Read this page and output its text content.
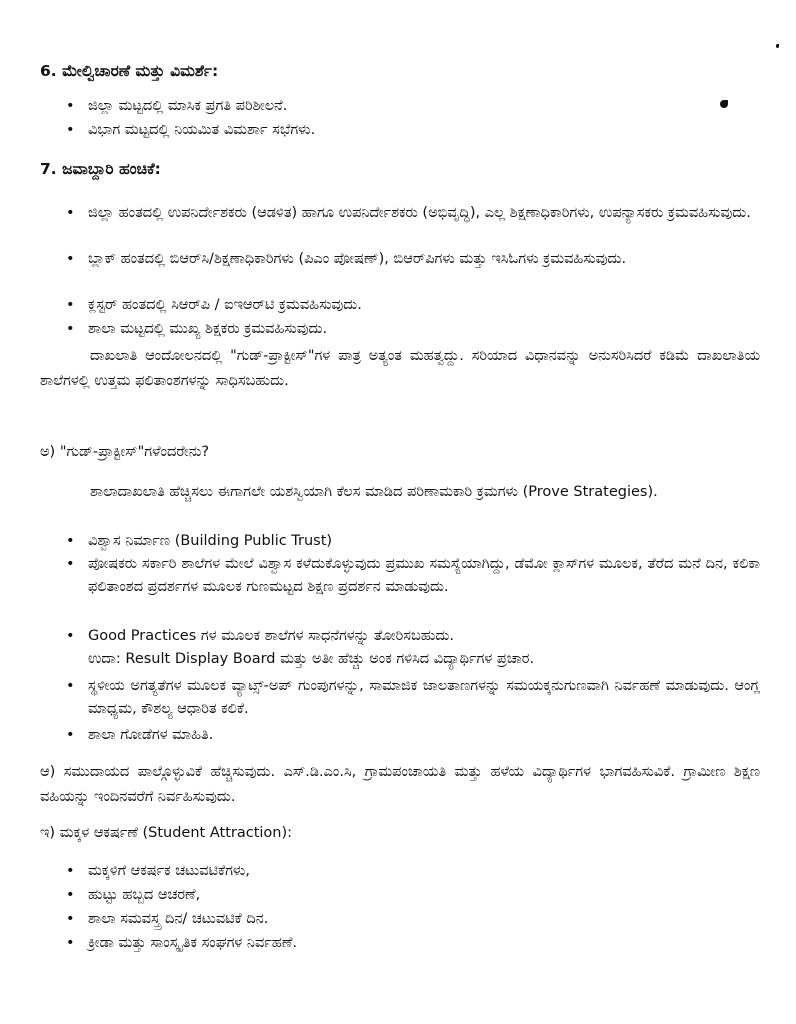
6. ಮೇಲ್ವಿಚಾರಣೆ ಮತ್ತು ವಿಮರ್ಶೆ:
• ಜಿಲ್ಲಾ ಮಟ್ಟದಲ್ಲಿ ಮಾಸಿಕ ಪ್ರಗತಿ ಪರಿಶೀಲನೆ.
• ವಿಭಾಗ ಮಟ್ಟದಲ್ಲಿ ನಿಯಮಿತ ವಿಮರ್ಶಾ ಸಭೆಗಳು.
7. ಜವಾಬ್ದಾರಿ ಹಂಚಿಕೆ:
• ಜಿಲ್ಲಾ ಹಂತದಲ್ಲಿ ಉಪನಿರ್ದೇಶಕರು (ಆಡಳಿತ) ಹಾಗೂ ಉಪನಿರ್ದೇಶಕರು (ಅಭಿವೃದ್ಧಿ), ಎಲ್ಲ ಶಿಕ್ಷಣಾಧಿಕಾರಿಗಳು, ಉಪನ್ಯಾಸಕರು ಕ್ರಮವಹಿಸುವುದು.
• ಬ್ಲಾಕ್ ಹಂತದಲ್ಲಿ ಬಿಆರ್‌ಸಿ/ಶಿಕ್ಷಣಾಧಿಕಾರಿಗಳು (ಪಿಎಂ ಪೋಷಣ್), ಬಿಆರ್‌ಪಿಗಳು ಮತ್ತು ಇಸಿಓಗಳು ಕ್ರಮವಹಿಸುವುದು.
• ಕ್ಲಸ್ಟರ್ ಹಂತದಲ್ಲಿ ಸಿಆರ್‌ಪಿ / ಐಇಆರ್‌ಟಿ ಕ್ರಮವಹಿಸುವುದು.
• ಶಾಲಾ ಮಟ್ಟದಲ್ಲಿ ಮುಖ್ಯ ಶಿಕ್ಷಕರು ಕ್ರಮವಹಿಸುವುದು.
ದಾಖಲಾತಿ ಆಂದೋಲನದಲ್ಲಿ "ಗುಡ್-ಪ್ರಾಕ್ಟೀಸ್"ಗಳ ಪಾತ್ರ ಅತ್ಯಂತ ಮಹತ್ವದ್ದು. ಸರಿಯಾದ ವಿಧಾನವನ್ನು ಅನುಸರಿಸಿದರೆ ಕಡಿಮೆ ದಾಖಲಾತಿಯ ಶಾಲೆಗಳಲ್ಲಿ ಉತ್ತಮ ಫಲಿತಾಂಶಗಳನ್ನು ಸಾಧಿಸಬಹುದು.
ಅ) "ಗುಡ್-ಪ್ರಾಕ್ಟೀಸ್"ಗಳೆಂದರೇನು?
ಶಾಲಾದಾಖಲಾತಿ ಹೆಚ್ಚಿಸಲು ಈಗಾಗಲೇ ಯಶಸ್ವಿಯಾಗಿ ಕೆಲಸ ಮಾಡಿದ ಪರಿಣಾಮಕಾರಿ ಕ್ರಮಗಳು (Prove Strategies).
• ವಿಶ್ವಾಸ ನಿರ್ಮಾಣ (Building Public Trust)
• ಪೋಷಕರು ಸರ್ಕಾರಿ ಶಾಲೆಗಳ ಮೇಲೆ ವಿಶ್ವಾಸ ಕಳೆದುಕೊಳ್ಳುವುದು ಪ್ರಮುಖ ಸಮಸ್ಯೆಯಾಗಿದ್ದು, ಡೆಮೋ ಕ್ಲಾಸ್‌ಗಳ ಮೂಲಕ, ತೆರೆದ ಮನೆ ದಿನ, ಕಲಿಕಾ ಫಲಿತಾಂಶದ ಪ್ರದರ್ಶಗಳ ಮೂಲಕ ಗುಣಮಟ್ಟದ ಶಿಕ್ಷಣ ಪ್ರದರ್ಶನ ಮಾಡುವುದು.
• Good Practices ಗಳ ಮೂಲಕ ಶಾಲೆಗಳ ಸಾಧನೆಗಳನ್ನು ತೋರಿಸಬಹುದು.
ಉದಾ: Result Display Board ಮತ್ತು ಅತೀ ಹೆಚ್ಚು ಅಂಕ ಗಳಿಸಿದ ವಿದ್ಯಾರ್ಥಿಗಳ ಪ್ರಚಾರ.
• ಸ್ಥಳೀಯ ಅಗತ್ಯತೆಗಳ ಮೂಲಕ ವ್ಯಾಟ್ಸ್-ಅಪ್ ಗುಂಪುಗಳನ್ನು, ಸಾಮಾಜಿಕ ಜಾಲತಾಣಗಳನ್ನು ಸಮಯಕ್ಕನುಗುಣವಾಗಿ ನಿರ್ವಹಣೆ ಮಾಡುವುದು. ಆಂಗ್ಲ ಮಾಧ್ಯಮ, ಕೌಶಲ್ಯ ಆಧಾರಿತ ಕಲಿಕೆ.
• ಶಾಲಾ ಗೋಡೆಗಳ ಮಾಹಿತಿ.
ಆ) ಸಮುದಾಯದ ಪಾಲ್ಗೊಳ್ಳುವಿಕೆ ಹೆಚ್ಚಿಸುವುದು. ಎಸ್.ಡಿ.ಎಂ.ಸಿ, ಗ್ರಾಮಪಂಚಾಯತಿ ಮತ್ತು ಹಳೆಯ ವಿದ್ಯಾರ್ಥಿಗಳ ಭಾಗವಹಿಸುವಿಕೆ. ಗ್ರಾಮೀಣ ಶಿಕ್ಷಣ ವಹಿಯನ್ನು ಇಂದಿನವರೆಗೆ ನಿರ್ವಹಿಸುವುದು.
ಇ) ಮಕ್ಕಳ ಆಕರ್ಷಣೆ (Student Attraction):
• ಮಕ್ಕಳಿಗೆ ಆಕರ್ಷಕ ಚಟುವಟಿಕೆಗಳು,
• ಹುಟ್ಟು ಹಬ್ಬದ ಆಚರಣೆ,
• ಶಾಲಾ ಸಮವಸ್ತ್ರ ದಿನ/ ಚಟುವಟಿಕೆ ದಿನ.
• ಕ್ರೀಡಾ ಮತ್ತು ಸಾಂಸ್ಕೃತಿಕ ಸಂಘಗಳ ನಿರ್ವಹಣೆ.
